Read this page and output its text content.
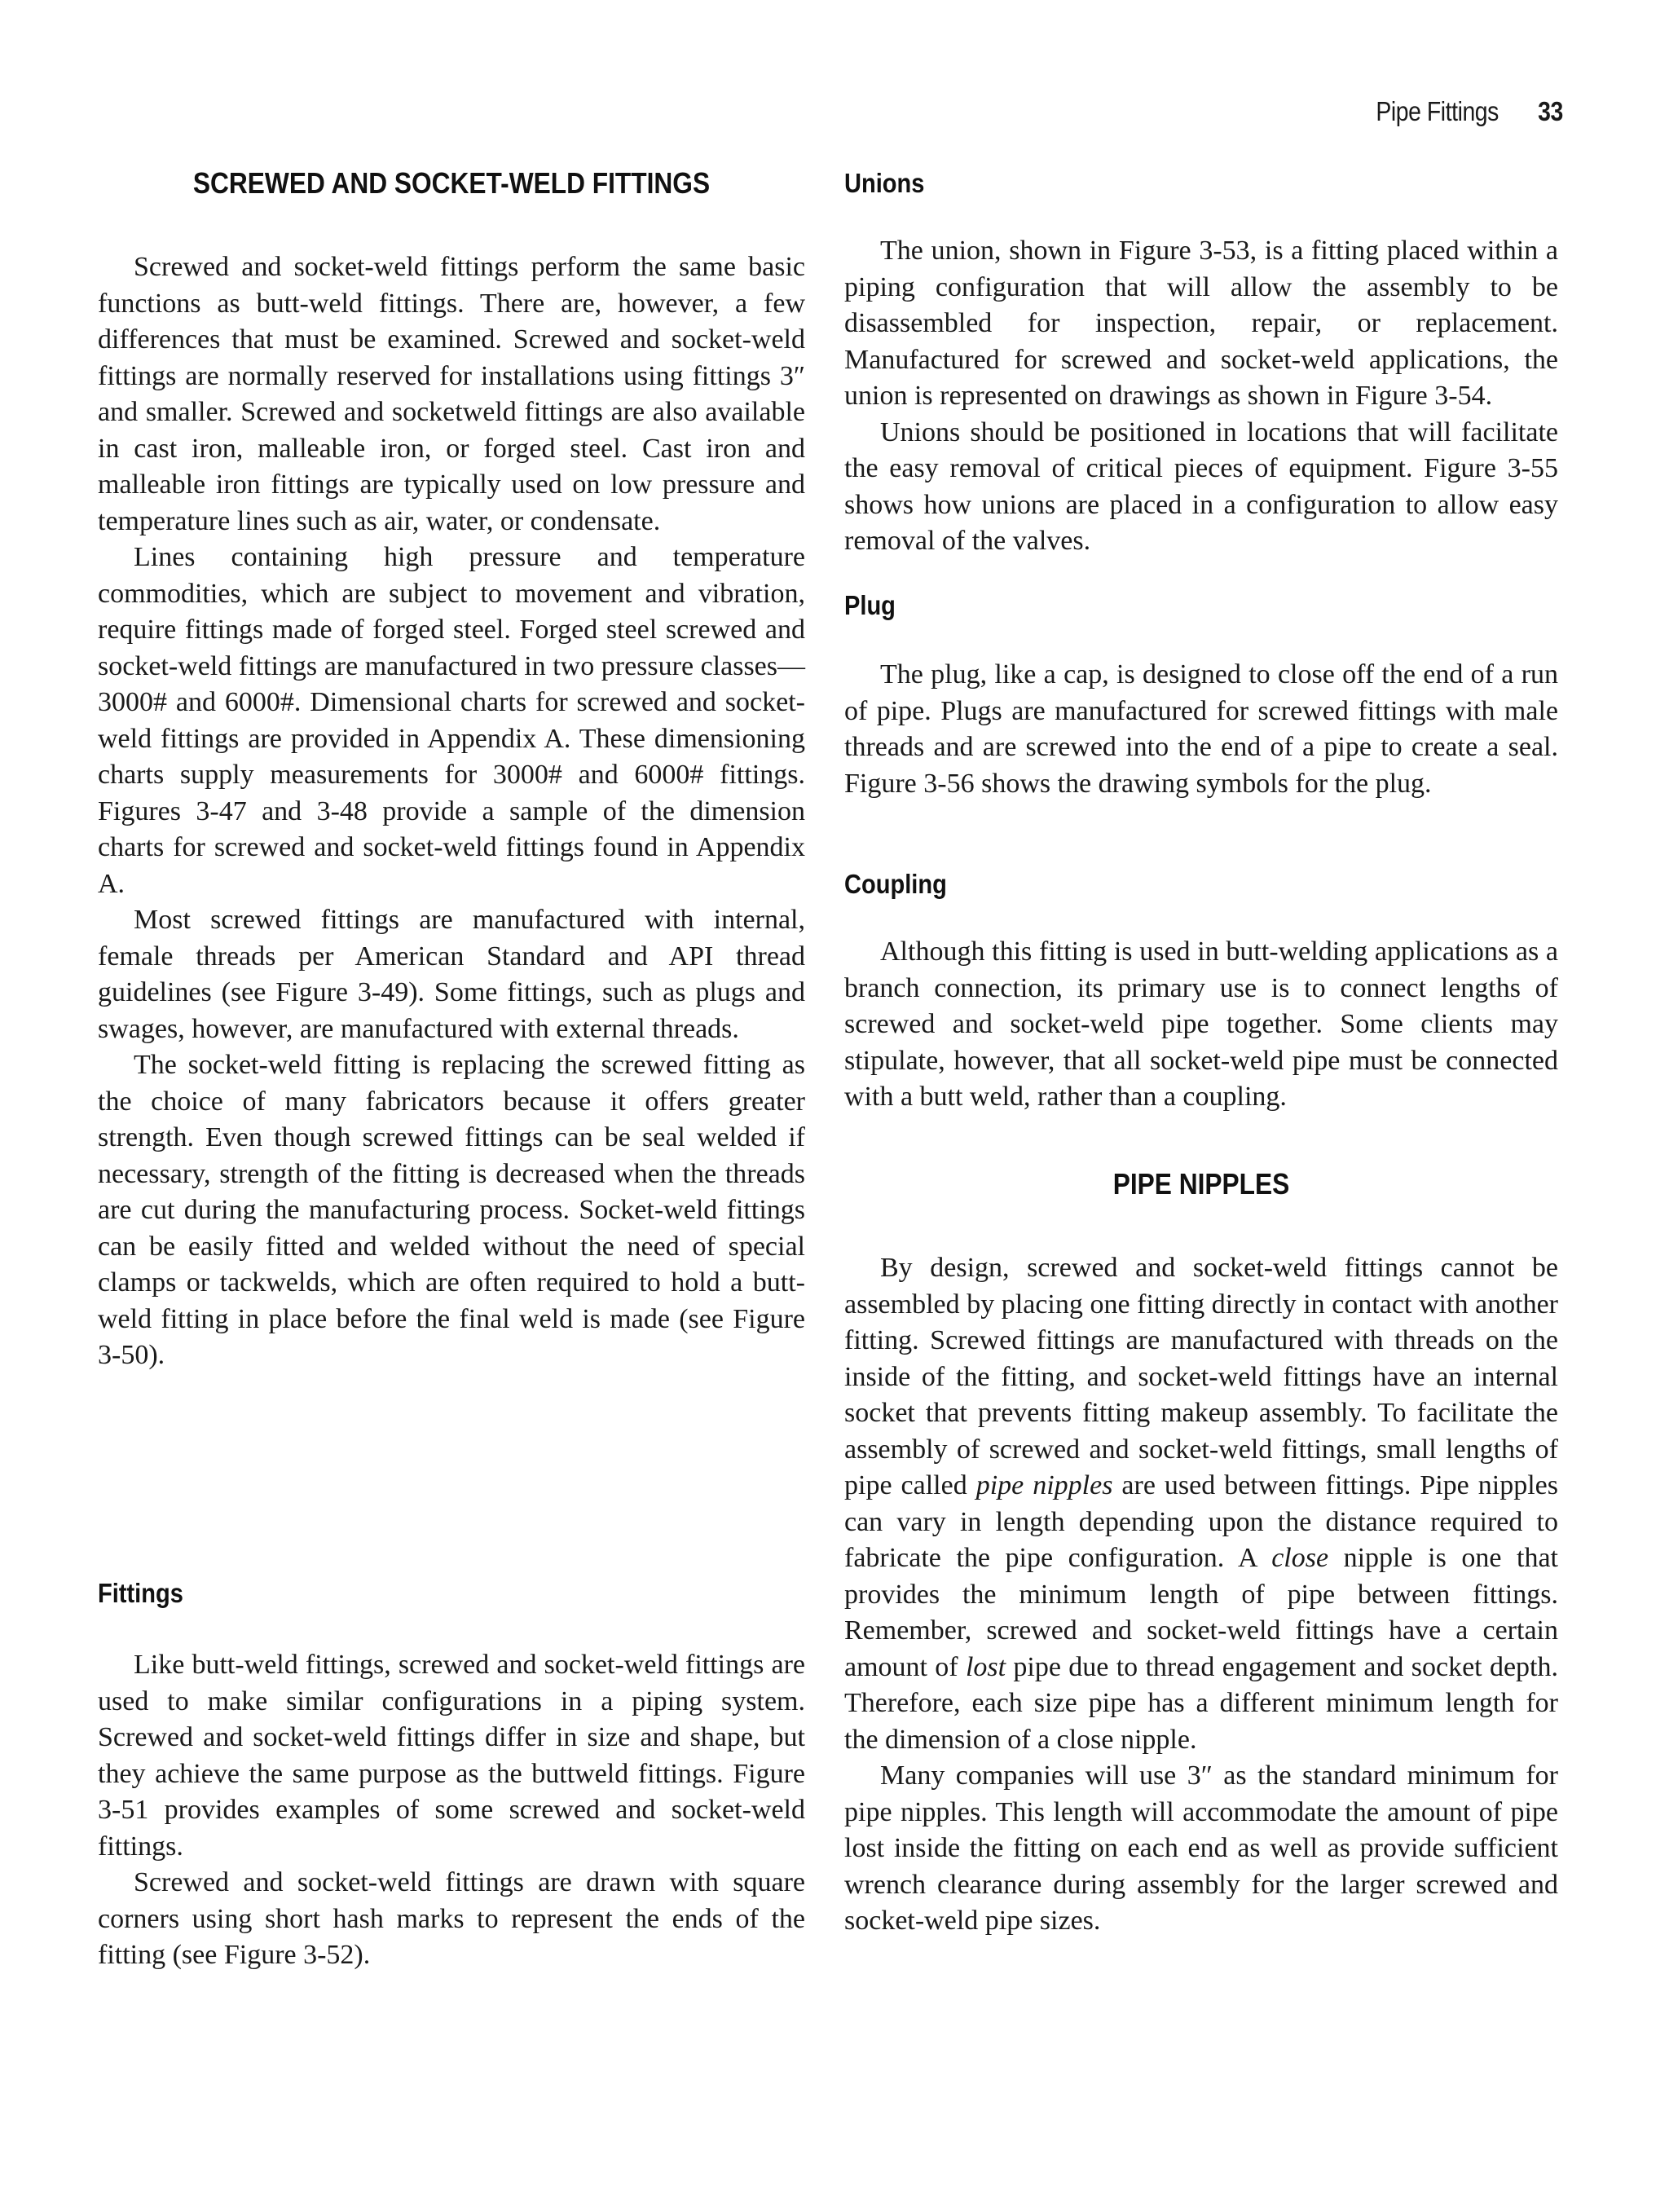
Pipe Fittings 33
SCREWED AND SOCKET-WELD FITTINGS

Screwed and socket-weld fittings perform the same basic functions as butt-weld fittings. There are, however, a few differences that must be examined. Screwed and socket-weld fittings are normally reserved for installations using fittings 3″ and smaller. Screwed and socketweld fittings are also available in cast iron, malleable iron, or forged steel. Cast iron and malleable iron fittings are typically used on low pressure and temperature lines such as air, water, or condensate.

Lines containing high pressure and temperature commodities, which are subject to movement and vibration, require fittings made of forged steel. Forged steel screwed and socket-weld fittings are manufactured in two pressure classes—3000# and 6000#. Dimensional charts for screwed and socket-weld fittings are provided in Appendix A. These dimensioning charts supply measurements for 3000# and 6000# fittings. Figures 3-47 and 3-48 provide a sample of the dimension charts for screwed and socket-weld fittings found in Appendix A.

Most screwed fittings are manufactured with internal, female threads per American Standard and API thread guidelines (see Figure 3-49). Some fittings, such as plugs and swages, however, are manufactured with external threads.

The socket-weld fitting is replacing the screwed fitting as the choice of many fabricators because it offers greater strength. Even though screwed fittings can be seal welded if necessary, strength of the fitting is decreased when the threads are cut during the manufacturing process. Socket-weld fittings can be easily fitted and welded without the need of special clamps or tackwelds, which are often required to hold a butt-weld fitting in place before the final weld is made (see Figure 3-50).

Fittings

Like butt-weld fittings, screwed and socket-weld fittings are used to make similar configurations in a piping system. Screwed and socket-weld fittings differ in size and shape, but they achieve the same purpose as the buttweld fittings. Figure 3-51 provides examples of some screwed and socket-weld fittings.

Screwed and socket-weld fittings are drawn with square corners using short hash marks to represent the ends of the fitting (see Figure 3-52).

Unions

The union, shown in Figure 3-53, is a fitting placed within a piping configuration that will allow the assembly to be disassembled for inspection, repair, or replacement. Manufactured for screwed and socket-weld applications, the union is represented on drawings as shown in Figure 3-54.

Unions should be positioned in locations that will facilitate the easy removal of critical pieces of equipment. Figure 3-55 shows how unions are placed in a configuration to allow easy removal of the valves.

Plug

The plug, like a cap, is designed to close off the end of a run of pipe. Plugs are manufactured for screwed fittings with male threads and are screwed into the end of a pipe to create a seal. Figure 3-56 shows the drawing symbols for the plug.

Coupling

Although this fitting is used in butt-welding applications as a branch connection, its primary use is to connect lengths of screwed and socket-weld pipe together. Some clients may stipulate, however, that all socket-weld pipe must be connected with a butt weld, rather than a coupling.

PIPE NIPPLES

By design, screwed and socket-weld fittings cannot be assembled by placing one fitting directly in contact with another fitting. Screwed fittings are manufactured with threads on the inside of the fitting, and socket-weld fittings have an internal socket that prevents fitting makeup assembly. To facilitate the assembly of screwed and socket-weld fittings, small lengths of pipe called pipe nipples are used between fittings. Pipe nipples can vary in length depending upon the distance required to fabricate the pipe configuration. A close nipple is one that provides the minimum length of pipe between fittings. Remember, screwed and socket-weld fittings have a certain amount of lost pipe due to thread engagement and socket depth. Therefore, each size pipe has a different minimum length for the dimension of a close nipple.

Many companies will use 3″ as the standard minimum for pipe nipples. This length will accommodate the amount of pipe lost inside the fitting on each end as well as provide sufficient wrench clearance during assembly for the larger screwed and socket-weld pipe sizes.
